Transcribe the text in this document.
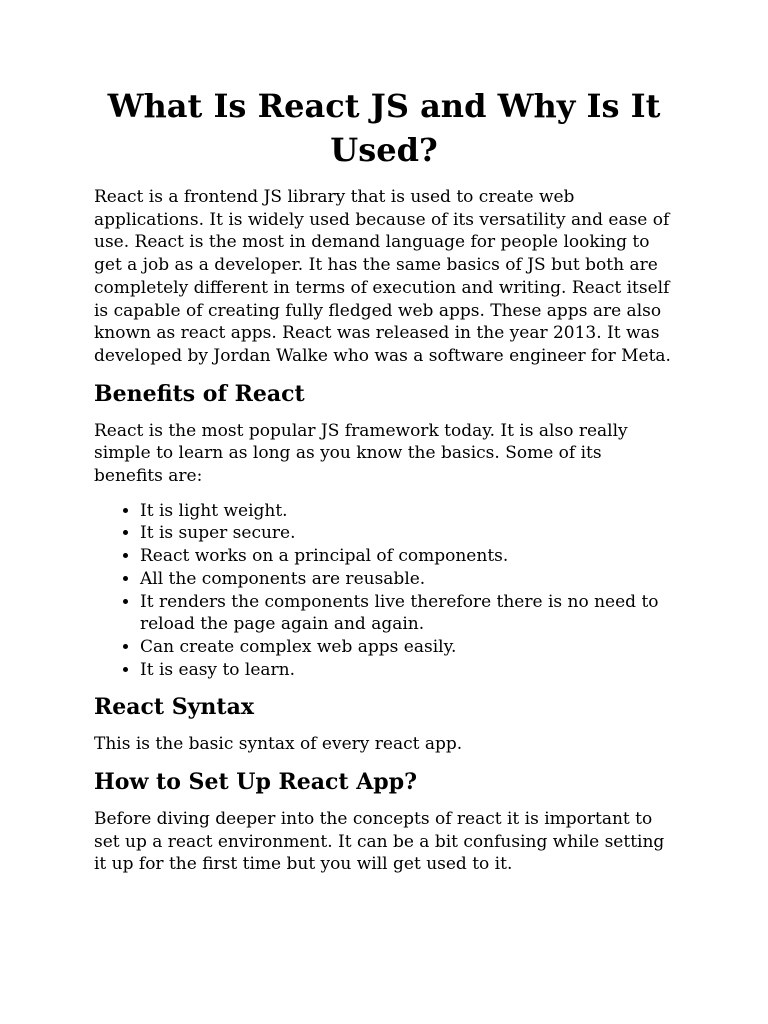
What Is React JS and Why Is It Used?

React is a frontend JS library that is used to create web applications. It is widely used because of its versatility and ease of use. React is the most in demand language for people looking to get a job as a developer. It has the same basics of JS but both are completely different in terms of execution and writing. React itself is capable of creating fully fledged web apps. These apps are also known as react apps. React was released in the year 2013. It was developed by Jordan Walke who was a software engineer for Meta.

Benefits of React

React is the most popular JS framework today. It is also really simple to learn as long as you know the basics. Some of its benefits are:

• It is light weight.
• It is super secure.
• React works on a principal of components.
• All the components are reusable.
• It renders the components live therefore there is no need to reload the page again and again.
• Can create complex web apps easily.
• It is easy to learn.
React Syntax

This is the basic syntax of every react app.

How to Set Up React App?

Before diving deeper into the concepts of react it is important to set up a react environment. It can be a bit confusing while setting it up for the first time but you will get used to it.
